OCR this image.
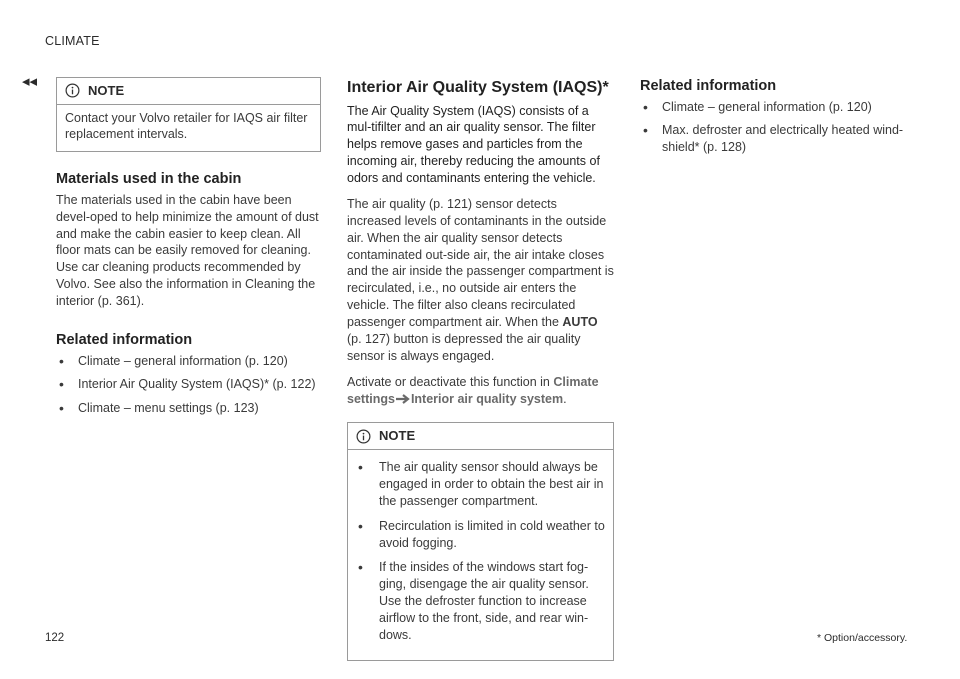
CLIMATE
◂◂
NOTE
Contact your Volvo retailer for IAQS air filter replacement intervals.
Materials used in the cabin

The materials used in the cabin have been devel-oped to help minimize the amount of dust and make the cabin easier to keep clean. All floor mats can be easily removed for cleaning. Use car cleaning products recommended by Volvo. See also the information in Cleaning the interior (p. 361).

Related information
• Climate – general information (p. 120)
• Interior Air Quality System (IAQS)* (p. 122)
• Climate – menu settings (p. 123)
Interior Air Quality System (IAQS)*
The Air Quality System (IAQS) consists of a mul-tifilter and an air quality sensor. The filter helps remove gases and particles from the incoming air, thereby reducing the amounts of odors and contaminants entering the vehicle.

The air quality (p. 121) sensor detects increased levels of contaminants in the outside air. When the air quality sensor detects contaminated out-side air, the air intake closes and the air inside the passenger compartment is recirculated, i.e., no outside air enters the vehicle. The filter also cleans recirculated passenger compartment air. When the AUTO (p. 127) button is depressed the air quality sensor is always engaged.

Activate or deactivate this function in Climate settings Interior air quality system.

NOTE
• The air quality sensor should always be engaged in order to obtain the best air in the passenger compartment.
• Recirculation is limited in cold weather to avoid fogging.
• If the insides of the windows start fog-ging, disengage the air quality sensor. Use the defroster function to increase airflow to the front, side, and rear win-dows.
Related information
• Climate – general information (p. 120)
• Max. defroster and electrically heated wind-shield* (p. 128)
122	* Option/accessory.
